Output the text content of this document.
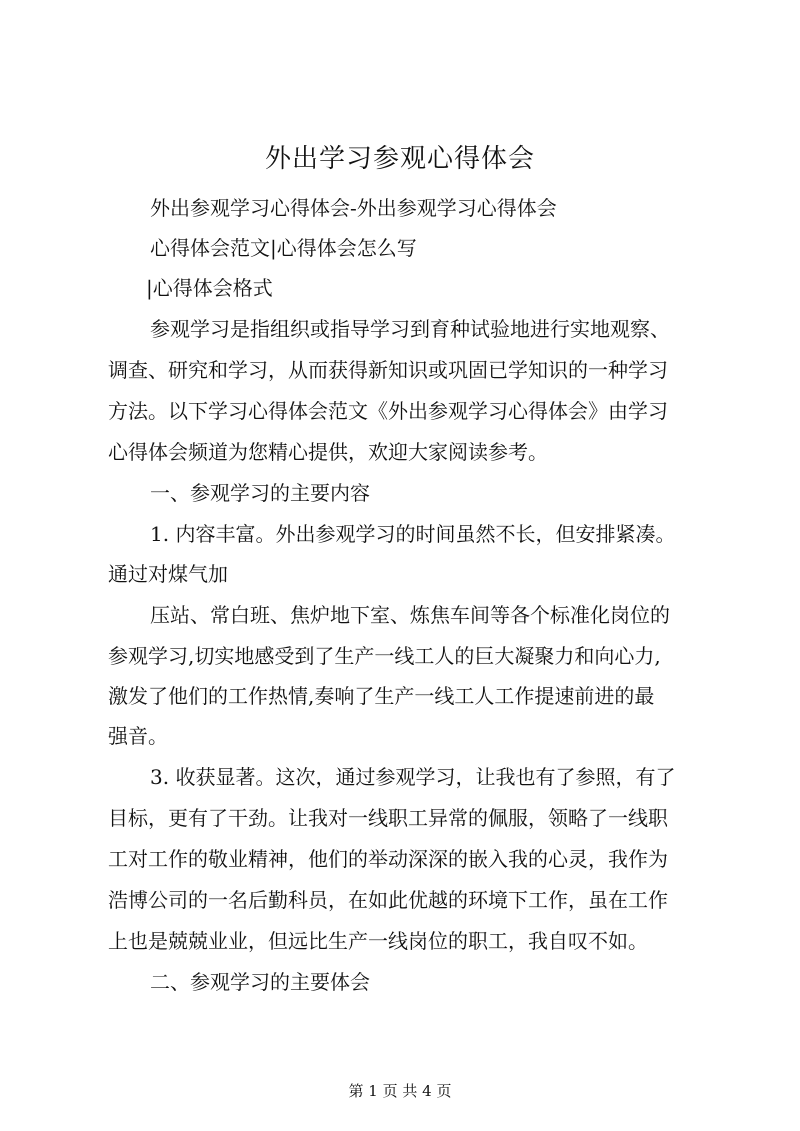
外出学习参观心得体会
外出参观学习心得体会-外出参观学习心得体会
心得体会范文|心得体会怎么写
|心得体会格式
参观学习是指组织或指导学习到育种试验地进行实地观察、
调查、研究和学习，从而获得新知识或巩固已学知识的一种学习
方法。以下学习心得体会范文《外出参观学习心得体会》由学习
心得体会频道为您精心提供，欢迎大家阅读参考。
一、参观学习的主要内容
1. 内容丰富。外出参观学习的时间虽然不长，但安排紧凑。
通过对煤气加
压站、常白班、焦炉地下室、炼焦车间等各个标准化岗位的
参观学习,切实地感受到了生产一线工人的巨大凝聚力和向心力,
激发了他们的工作热情,奏响了生产一线工人工作提速前进的最
强音。
3. 收获显著。这次，通过参观学习，让我也有了参照，有了
目标，更有了干劲。让我对一线职工异常的佩服，领略了一线职
工对工作的敬业精神，他们的举动深深的嵌入我的心灵，我作为
浩博公司的一名后勤科员，在如此优越的环境下工作，虽在工作
上也是兢兢业业，但远比生产一线岗位的职工，我自叹不如。
二、参观学习的主要体会
第 1 页 共 4 页
